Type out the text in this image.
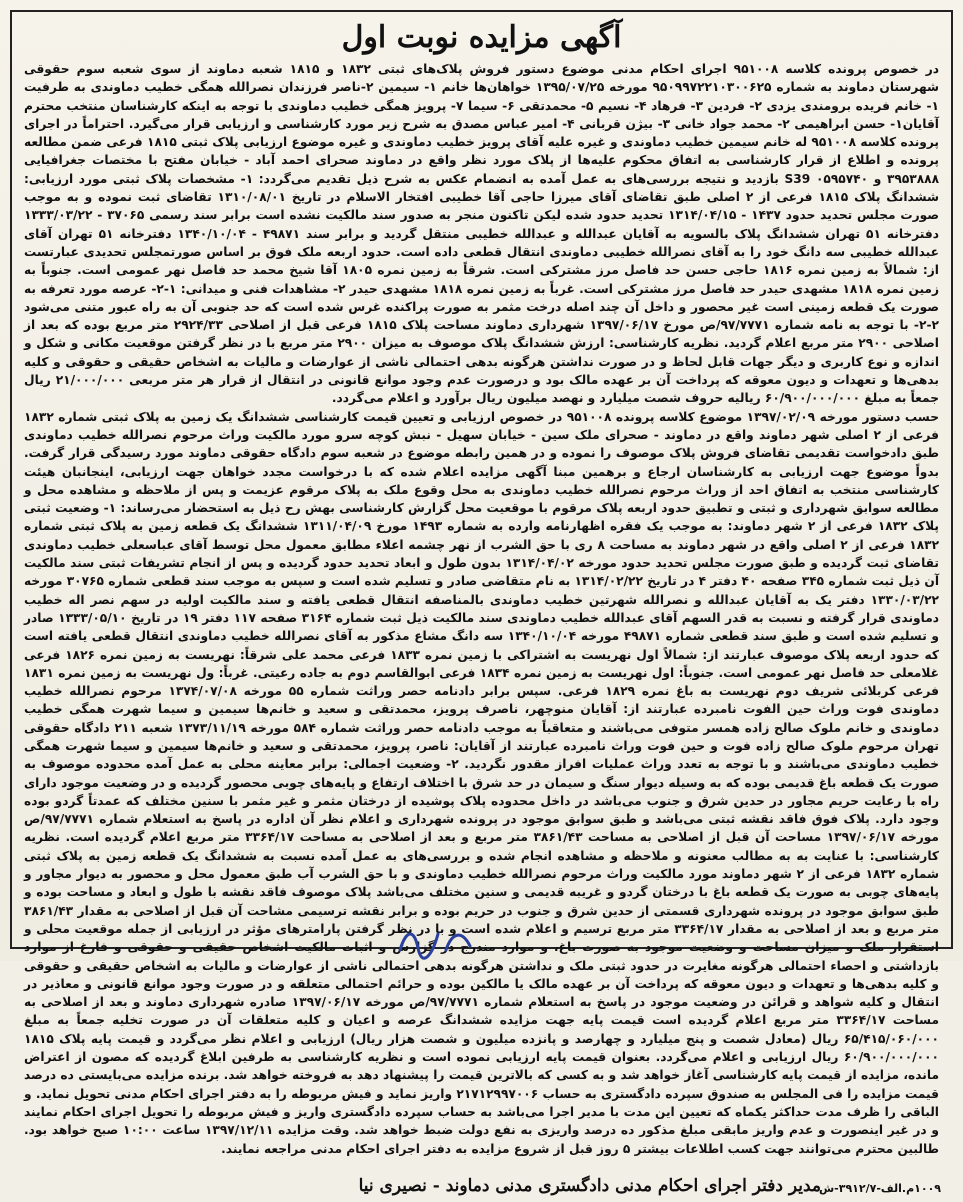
آگهی مزایده نوبت اول

در خصوص پرونده کلاسه ۹۵۱۰۰۸ اجرای احکام مدنی موضوع دستور فروش پلاک‌های ثبتی ۱۸۳۲ و ۱۸۱۵ شعبه دماوند از سوی شعبه سوم حقوقی شهرستان دماوند به شماره ۹۵۰۹۹۷۲۲۱۰۳۰۰۶۲۵ مورخه ۱۳۹۵/۰۷/۲۵ خواهان‌ها خانم ۱- سیمین ۲-ناصر فرزندان نصرالله همگی خطیب دماوندی به طرفیت ۱- خانم فریده برومندی یزدی ۲- فردین ۳- فرهاد ۴- نسیم ۵- محمدتقی ۶- سیما ۷- پرویز همگی خطیب دماوندی با توجه به اینکه کارشناسان منتخب محترم آقایان۱- حسن ابراهیمی ۲- محمد جواد خانی ۳- بیژن قربانی ۴- امیر عباس مصدق به شرح زیر مورد کارشناسی و ارزیابی قرار می‌گیرد. احتراماً در اجرای پرونده کلاسه ۹۵۱۰۰۸ له خانم سیمین خطیب دماوندی و غیره علیه آقای پرویز خطیب دماوندی و غیره موضوع ارزیابی پلاک ثبتی ۱۸۱۵ فرعی ضمن مطالعه پرونده و اطلاع از قرار کارشناسی به اتفاق محکوم علیه‌ها از پلاک مورد نظر واقع در دماوند صحرای احمد آباد - خیابان مفتح با مختصات جغرافیایی ۳۹۵۳۸۸۸ و ۰۵۹۵۷۴۰ S39 بازدید و نتیجه بررسی‌های به عمل آمده به انضمام عکس به شرح ذیل تقدیم می‌گردد: ۱- مشخصات پلاک ثبتی مورد ارزیابی: ششدانگ پلاک ۱۸۱۵ فرعی از ۲ اصلی طبق تقاضای آقای میرزا حاجی آقا خطیبی افتخار الاسلام در تاریخ ۱۳۱۰/۰۸/۰۱ تقاضای ثبت نموده و به موجب صورت مجلس تحدید حدود ۱۴۳۷ - ۱۳۱۴/۰۴/۱۵ تحدید حدود شده لیکن تاکنون منجر به صدور سند مالکیت نشده است برابر سند رسمی ۳۷۰۶۵ - ۱۳۳۳/۰۳/۲۲ دفترخانه ۵۱ تهران ششدانگ پلاک بالسویه به آقایان عبدالله و عبدالله خطیبی منتقل گردید و برابر سند ۴۹۸۷۱ - ۱۳۴۰/۱۰/۰۴ دفترخانه ۵۱ تهران آقای عبدالله خطیبی سه دانگ خود را به آقای نصرالله خطیبی دماوندی انتقال قطعی داده است. حدود اربعه ملک فوق بر اساس صورتمجلس تحدیدی عبارتست از: شمالاً به زمین نمره ۱۸۱۶ حاجی حسن حد فاصل مرز مشترکی است. شرقاً به زمین نمره ۱۸۰۵ آقا شیخ محمد حد فاصل نهر عمومی است. جنوباً به زمین نمره ۱۸۱۸ مشهدی حیدر حد فاصل مرز مشترکی است. غرباً به زمین نمره ۱۸۱۸ مشهدی حیدر ۲- مشاهدات فنی و میدانی: ۱-۲- عرصه مورد تعرفه به صورت یک قطعه زمینی است غیر محصور و داخل آن چند اصله درخت مثمر به صورت پراکنده غرس شده است که حد جنوبی آن به راه عبور متنی می‌شود ۲-۲- با توجه به نامه شماره ۹۷/۷۷۷۱/ص مورخ ۱۳۹۷/۰۶/۱۷ شهرداری دماوند مساحت پلاک ۱۸۱۵ فرعی قبل از اصلاحی ۲۹۲۴/۳۳ متر مربع بوده که بعد از اصلاحی ۲۹۰۰ متر مربع اعلام گردید. نظریه کارشناسی: ارزش ششدانگ پلاک موصوف به میزان ۲۹۰۰ متر مربع با در نظر گرفتن موقعیت مکانی و شکل و اندازه و نوع کاربری و دیگر جهات قابل لحاظ و در صورت نداشتن هرگونه بدهی احتمالی ناشی از عوارضات و مالیات به اشخاص حقیقی و حقوقی و کلیه بدهی‌ها و تعهدات و دیون معوقه که پرداخت آن بر عهده مالک بود و درصورت عدم وجود موانع قانونی در انتقال از قرار هر متر مربعی ۲۱/۰۰۰/۰۰۰ ریال جمعاً به مبلغ ۶۰/۹۰۰/۰۰۰/۰۰۰ ریالیه حروف شصت میلیارد و نهصد میلیون ریال برآورد و اعلام می‌گردد.

حسب دستور مورخه ۱۳۹۷/۰۲/۰۹ موضوع کلاسه پرونده ۹۵۱۰۰۸ در خصوص ارزیابی و تعیین قیمت کارشناسی ششدانگ یک زمین به پلاک ثبتی شماره ۱۸۳۲ فرعی از ۲ اصلی شهر دماوند واقع در دماوند - صحرای ملک سین - خیابان سهیل - نبش کوچه سرو مورد مالکیت وراث مرحوم نصرالله خطیب دماوندی طبق دادخواست تقدیمی تقاضای فروش پلاک موصوف را نموده و در همین رابطه موضوع در شعبه سوم دادگاه حقوقی دماوند مورد رسیدگی قرار گرفت. بدواً موضوع جهت ارزیابی به کارشناسان ارجاع و برهمین مبنا آگهی مزایده اعلام شده که با درخواست مجدد خواهان جهت ارزیابی، اینجانبان هیئت کارشناسی منتخب به اتفاق احد از وراث مرحوم نصرالله خطیب دماوندی به محل وقوع ملک به پلاک مرقوم عزیمت و پس از ملاحظه و مشاهده محل و مطالعه سوابق شهرداری و ثبتی و تطبیق حدود اربعه پلاک مرقوم با موقعیت محل گزارش کارشناسی بهش رح ذیل به استحضار می‌رساند: ۱- وضعیت ثبتی پلاک ۱۸۳۲ فرعی از ۲ شهر دماوند: به موجب یک فقره اظهارنامه وارده به شماره ۱۴۹۳ مورخ ۱۳۱۱/۰۴/۰۹ ششدانگ یک قطعه زمین به پلاک ثبتی شماره ۱۸۳۲ فرعی از ۲ اصلی واقع در شهر دماوند به مساحت ۸ ری با حق الشرب از نهر چشمه اعلاء مطابق معمول محل توسط آقای عباسعلی خطیب دماوندی تقاضای ثبت گردیده و طبق صورت مجلس تحدید حدود مورخه ۱۳۱۴/۰۴/۰۲ بدون طول و ابعاد تحدید حدود گردیده و پس از انجام تشریفات ثبتی سند مالکیت آن ذیل ثبت شماره ۳۴۵ صفحه ۴۰ دفتر ۴ در تاریخ ۱۳۱۴/۰۲/۲۲ به نام متقاضی صادر و تسلیم شده است و سپس به موجب سند قطعی شماره ۳۰۷۶۵ مورخه ۱۳۳۰/۰۳/۲۲ دفتر یک به آقایان عبدالله و نصرالله شهرتین خطیب دماوندی بالمناصفه انتقال قطعی یافته و سند مالکیت اولیه در سهم نصر اله خطیب دماوندی قرار گرفته و نسبت به قدر السهم آقای عبدالله خطیب دماوندی سند مالکیت ذیل ثبت شماره ۳۱۶۴ صفحه ۱۱۷ دفتر ۱۹ در تاریخ ۱۳۳۳/۰۵/۱۰ صادر و تسلیم شده است و طبق سند قطعی شماره ۴۹۸۷۱ مورخه ۱۳۴۰/۱۰/۰۴ سه دانگ مشاع مذکور به آقای نصرالله خطیب دماوندی انتقال قطعی یافته است که حدود اربعه پلاک موصوف عبارتند از: شمالاً اول نهریست به اشتراکی با زمین نمره ۱۸۳۳ فرعی محمد علی شرقاً: نهریست به زمین نمره ۱۸۲۶ فرعی غلامعلی حد فاصل نهر عمومی است. جنوباً: اول نهریست به زمین نمره ۱۸۳۴ فرعی ابوالقاسم دوم به جاده رعیتی. غرباً: ول نهریست به زمین نمره ۱۸۳۱ فرعی کربلائی شریف دوم نهریست به باغ نمره ۱۸۲۹ فرعی. سپس برابر دادنامه حصر وراثت شماره ۵۵ مورخه ۱۳۷۴/۰۷/۰۸ مرحوم نصرالله خطیب دماوندی فوت وراث حین الفوت نامبرده عبارتند از: آقایان منوچهر، ناصرف پرویز، محمدتقی و سعید و خانم‌ها سیمین و سیما شهرت همگی خطیب دماوندی و خانم ملوک صالح زاده همسر متوفی می‌باشند و متعاقباً به موجب دادنامه حصر وراثت شماره ۵۸۴ مورخه ۱۳۷۳/۱۱/۱۹ شعبه ۲۱۱ دادگاه حقوقی تهران مرحوم ملوک صالح زاده فوت و حین فوت وراث نامبرده عبارتند از آقایان: ناصر، پرویز، محمدتقی و سعید و خانم‌ها سیمین و سیما شهرت همگی خطیب دماوندی می‌باشند و با توجه به تعدد وراث عملیات افراز مقدور نگردید. ۲- وضعیت اجمالی: برابر معاینه محلی به عمل آمده محدوده موصوف به صورت یک قطعه باغ قدیمی بوده که به وسیله دیوار سنگ و سیمان در حد شرق با اختلاف ارتفاع و پایه‌های چوبی محصور گردیده و در وضعیت موجود دارای راه با رعایت حریم مجاور در حدین شرق و جنوب می‌باشد در داخل محدوده پلاک پوشیده از درختان مثمر و غیر مثمر با سنین مختلف که عمدتاً گردو بوده وجود دارد. پلاک فوق فاقد نقشه ثبتی می‌باشد و طبق سوابق موجود در پرونده شهرداری و اعلام نظر آن اداره در پاسخ به استعلام شماره ۹۷/۷۷۷۱/ص مورخه ۱۳۹۷/۰۶/۱۷ مساحت آن قبل از اصلاحی به مساحت ۳۸۶۱/۴۳ متر مربع و بعد از اصلاحی به مساحت ۳۳۶۴/۱۷ متر مربع اعلام گردیده است. نظریه کارشناسی: با عنایت به به مطالب معنونه و ملاحظه و مشاهده انجام شده و بررسی‌های به عمل آمده نسبت به ششدانگ یک قطعه زمین به پلاک ثبتی شماره ۱۸۳۲ فرعی از ۲ شهر دماوند مورد مالکیت وراث مرحوم نصرالله خطیب دماوندی و با حق الشرب آب طبق معمول محل و محصور به دیوار مجاور و پایه‌های چوبی به صورت یک قطعه باغ با درختان گردو و غریبه قدیمی و سنین مختلف می‌باشد پلاک موصوف فاقد نقشه با طول و ابعاد و مساحت بوده و طبق سوابق موجود در پرونده شهرداری قسمتی از حدین شرق و جنوب در حریم بوده و برابر نقشه ترسیمی مشاحت آن قبل از اصلاحی به مقدار ۳۸۶۱/۴۳ متر مربع و بعد از اصلاحی به مقدار ۳۳۶۴/۱۷ متر مربع ترسیم و اعلام شده است و با در نظر گرفتن پارامترهای مؤثر در ارزیابی از جمله موقعیت محلی و استقرار ملک و میزان مساحت و وضعیت موجود به صورت باغ، و موارد مندرج در گزارش و اثبات مالکیت اشخاص حقیقی و حقوقی و فارغ از موارد بازداشتی و احصاء احتمالی هرگونه مغایرت در حدود ثبتی ملک و نداشتن هرگونه بدهی احتمالی ناشی از عوارضات و مالیات به اشخاص حقیقی و حقوقی و کلیه بدهی‌ها و تعهدات و دیون معوقه که پرداخت آن بر عهده مالک یا مالکین بوده و حرائم احتمالی متعلقه و در صورت وجود موانع قانونی و معاذیر در انتقال و کلیه شواهد و قرائن در وضعیت موجود در پاسخ به استعلام شماره ۹۷/۷۷۷۱/ص مورخه ۱۳۹۷/۰۶/۱۷ صادره شهرداری دماوند و بعد از اصلاحی به مساحت ۳۳۶۴/۱۷ متر مربع اعلام گردیده است قیمت پایه جهت مزایده ششدانگ عرصه و اعیان و کلیه متعلقات آن در صورت تخلیه جمعاً به مبلغ ۶۵/۴۱۵/۰۶۰/۰۰۰ ریال (معادل شصت و پنج میلیارد و چهارصد و پانزده میلیون و شصت هزار ریال) ارزیابی و اعلام نظر می‌گردد و قیمت پایه پلاک ۱۸۱۵ ۶۰/۹۰۰/۰۰۰/۰۰۰ ریال ارزیابی و اعلام می‌گردد. بعنوان قیمت پایه ارزیابی نموده است و نظریه کارشناسی به طرفین ابلاغ گردیده که مصون از اعتراض مانده، مزایده از قیمت پایه کارشناسی آغاز خواهد شد و به کسی که بالاترین قیمت را پیشنهاد دهد به فروخته خواهد شد. برنده مزایده می‌بایستی ده درصد قیمت مزایده را فی المجلس به صندوق سپرده دادگستری به حساب ۲۱۷۱۲۹۹۷۰۰۶ واریز نماید و فیش مربوطه را به دفتر اجرای احکام مدنی تحویل نماید. و الباقی را ظرف مدت حداکثر یکماه که تعیین این مدت با مدیر اجرا می‌باشد به حساب سپرده دادگستری واریز و فیش مربوطه را تحویل اجرای احکام نمایند و در غیر اینصورت و عدم واریز مابقی مبلغ مذکور ده درصد واریزی به نفع دولت ضبط خواهد شد. وقت مزایده ۱۳۹۷/۱۲/۱۱ ساعت ۱۰:۰۰ صبح خواهد بود. طالبین محترم می‌توانند جهت کسب اطلاعات بیشتر ۵ روز قبل از شروع مزایده به دفتر اجرای احکام مدنی مراجعه نمایند.

مدیر دفتر اجرای احکام مدنی دادگستری مدنی دماوند - نصیری نیا
۱۰۰۹م.الف-۳۹۱۲/۷-ش
